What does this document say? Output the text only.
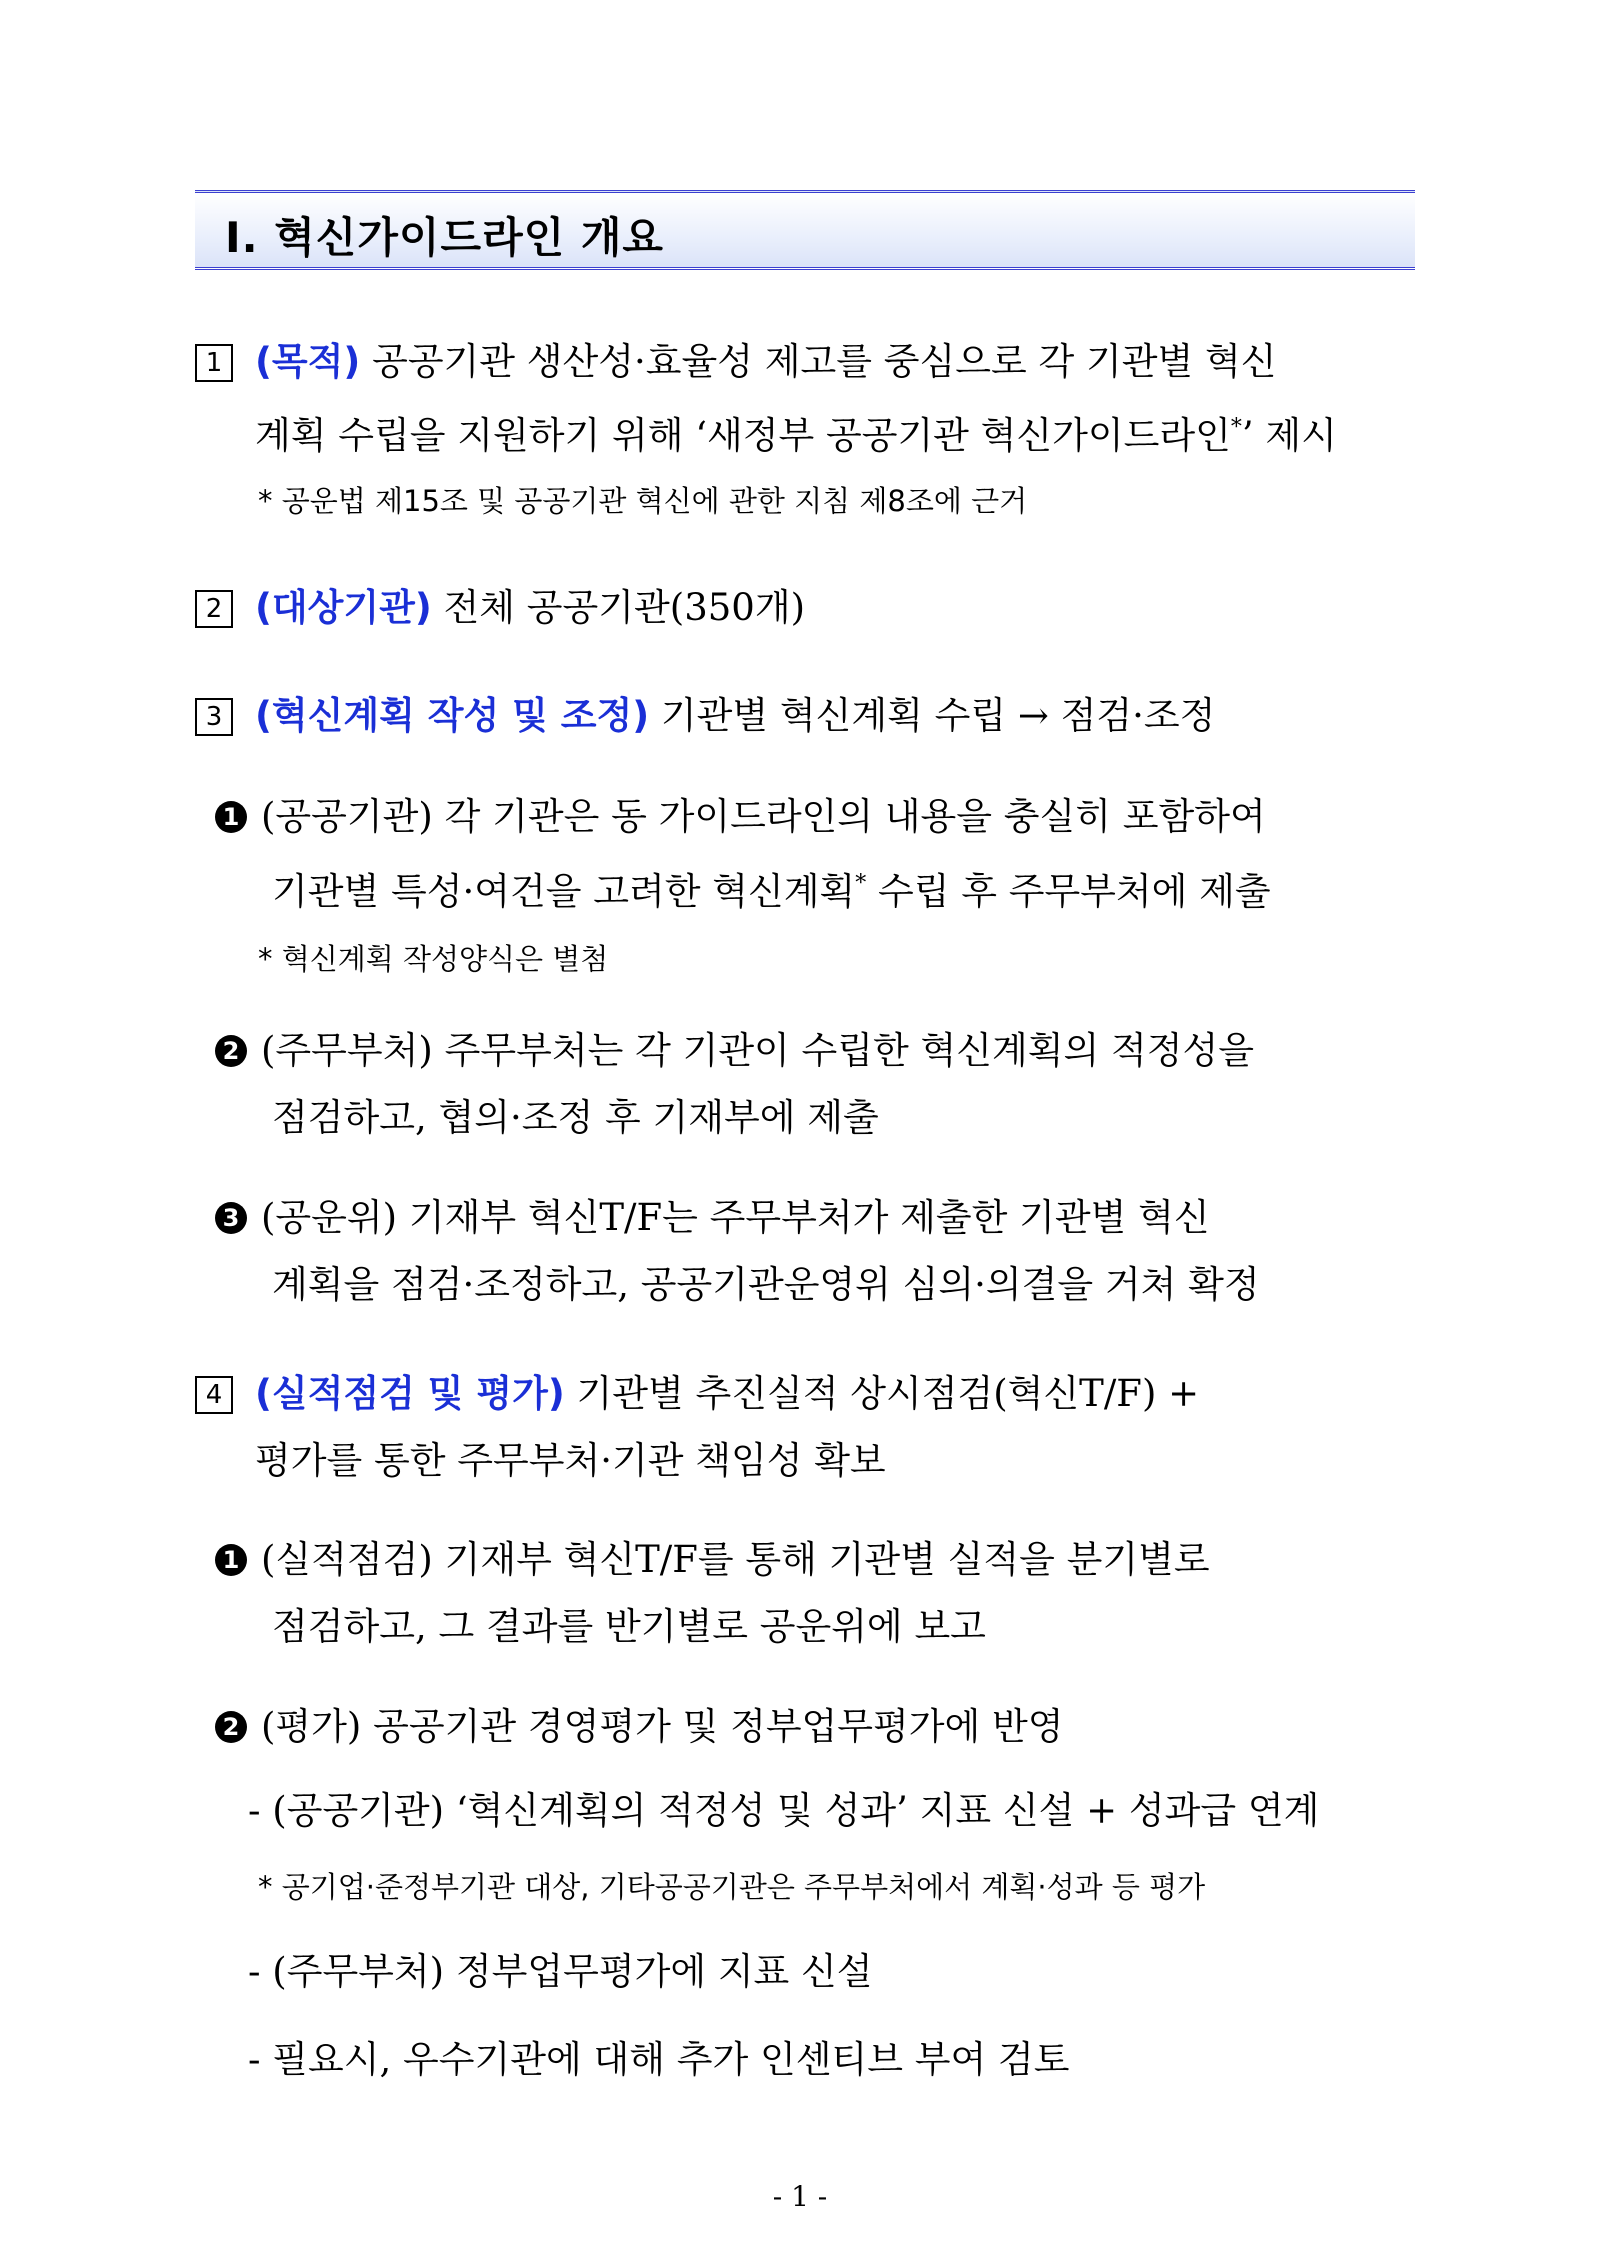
Ⅰ. 혁신가이드라인 개요
1 (목적) 공공기관 생산성·효율성 제고를 중심으로 각 기관별 혁신
계획 수립을 지원하기 위해 ‘새정부 공공기관 혁신가이드라인*’ 제시
* 공운법 제15조 및 공공기관 혁신에 관한 지침 제8조에 근거
2 (대상기관) 전체 공공기관(350개)
3 (혁신계획 작성 및 조정) 기관별 혁신계획 수립 → 점검·조정
1 (공공기관) 각 기관은 동 가이드라인의 내용을 충실히 포함하여
기관별 특성·여건을 고려한 혁신계획* 수립 후 주무부처에 제출
* 혁신계획 작성양식은 별첨
2 (주무부처) 주무부처는 각 기관이 수립한 혁신계획의 적정성을
점검하고, 협의·조정 후 기재부에 제출
3 (공운위) 기재부 혁신T/F는 주무부처가 제출한 기관별 혁신
계획을 점검·조정하고, 공공기관운영위 심의·의결을 거쳐 확정
4 (실적점검 및 평가) 기관별 추진실적 상시점검(혁신T/F) +
평가를 통한 주무부처·기관 책임성 확보
1 (실적점검) 기재부 혁신T/F를 통해 기관별 실적을 분기별로
점검하고, 그 결과를 반기별로 공운위에 보고
2 (평가) 공공기관 경영평가 및 정부업무평가에 반영
- (공공기관) ‘혁신계획의 적정성 및 성과’ 지표 신설 + 성과급 연계
* 공기업·준정부기관 대상, 기타공공기관은 주무부처에서 계획·성과 등 평가
- (주무부처) 정부업무평가에 지표 신설
- 필요시, 우수기관에 대해 추가 인센티브 부여 검토
- 1 -
